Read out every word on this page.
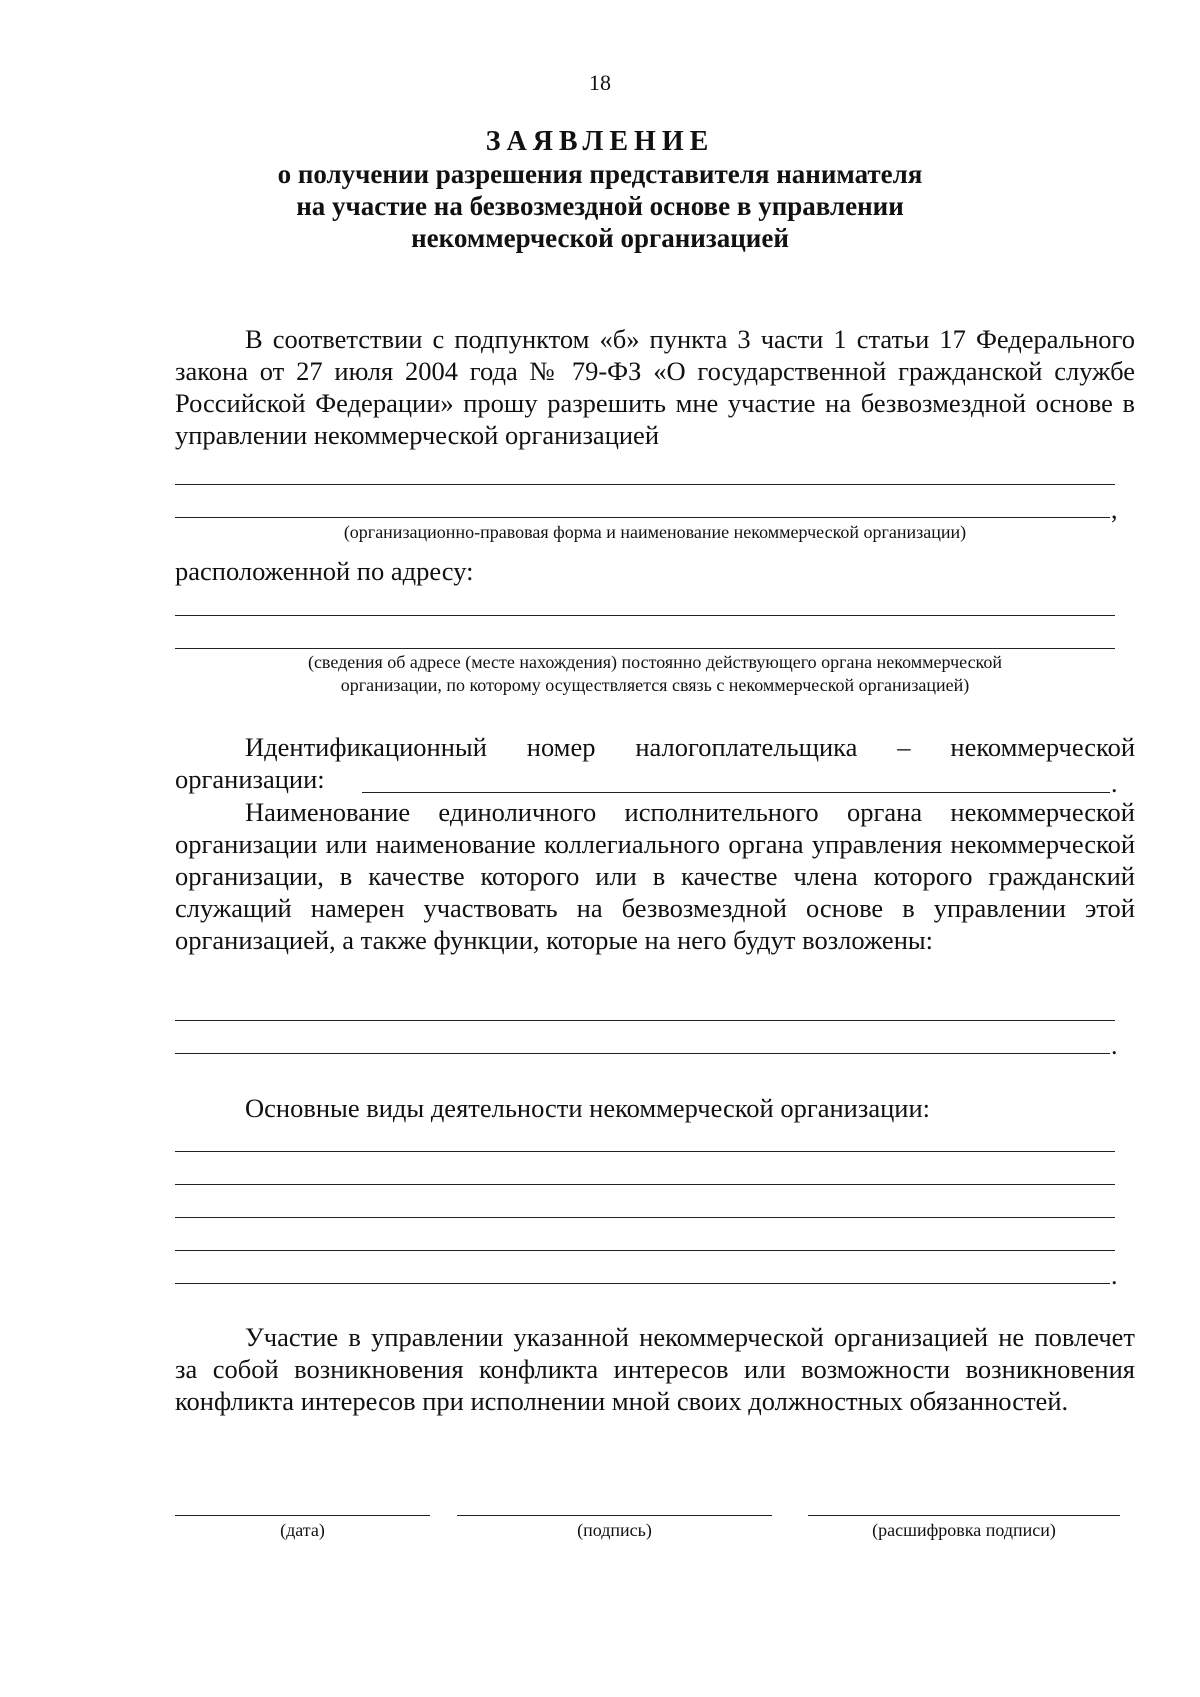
18
ЗАЯВЛЕНИЕ
о получении разрешения представителя нанимателя
на участие на безвозмездной основе в управлении
некоммерческой организацией
В соответствии с подпунктом «б» пункта 3 части 1 статьи 17 Федерального закона от 27 июля 2004 года № 79-ФЗ «О государственной гражданской службе Российской Федерации» прошу разрешить мне участие на безвозмездной основе в управлении некоммерческой организацией
,
(организационно-правовая форма и наименование некоммерческой организации)
расположенной по адресу:
(сведения об адресе (месте нахождения) постоянно действующего органа некоммерческой
организации, по которому осуществляется связь с некоммерческой организацией)
Идентификационный номер налогоплательщика – некоммерческой
организации:	.
Наименование единоличного исполнительного органа некоммерческой организации или наименование коллегиального органа управления некоммерческой организации, в качестве которого или в качестве члена которого гражданский служащий намерен участвовать на безвозмездной основе в управлении этой организацией, а также функции, которые на него будут возложены:
.
Основные виды деятельности некоммерческой организации:
.
Участие в управлении указанной некоммерческой организацией не повлечет за собой возникновения конфликта интересов или возможности возникновения конфликта интересов при исполнении мной своих должностных обязанностей.
(дата)	(подпись)	(расшифровка подписи)
